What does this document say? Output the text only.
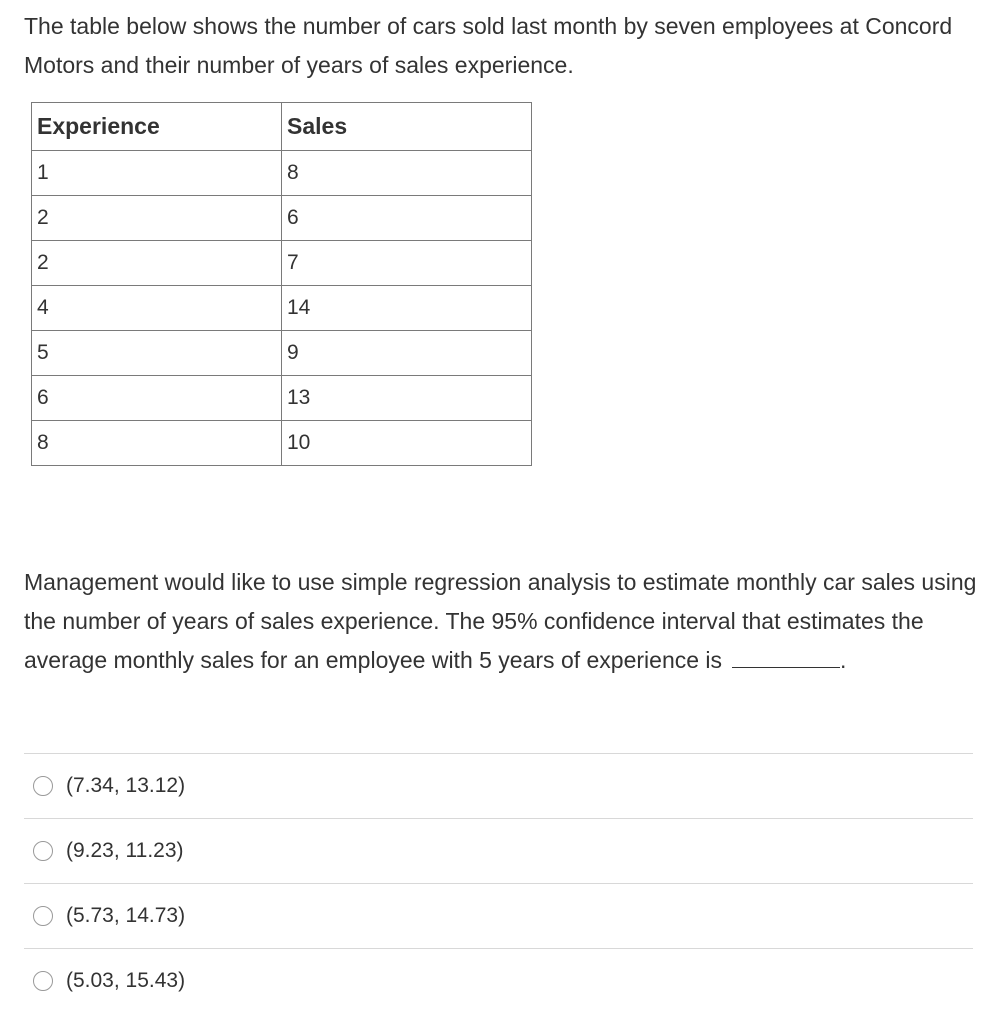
The table below shows the number of cars sold last month by seven employees at Concord Motors and their number of years of sales experience.

Experience	Sales
1	8
2	6
2	7
4	14
5	9
6	13
8	10

Management would like to use simple regression analysis to estimate monthly car sales using the number of years of sales experience. The 95% confidence interval that estimates the average monthly sales for an employee with 5 years of experience is	.

(7.34, 13.12)
(9.23, 11.23)
(5.73, 14.73)
(5.03, 15.43)
